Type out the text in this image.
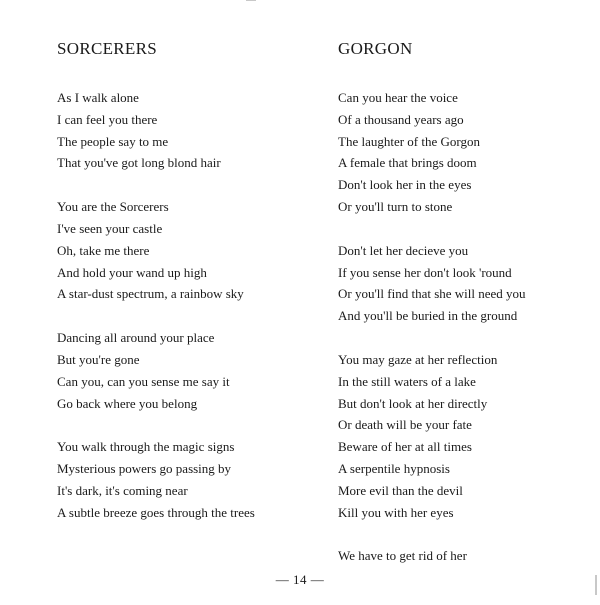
SORCERERS
As I walk alone
I can feel you there
The people say to me
That you've got long blond hair
You are the Sorcerers
I've seen your castle
Oh, take me there
And hold your wand up high
A star-dust spectrum, a rainbow sky
Dancing all around your place
But you're gone
Can you, can you sense me say it
Go back where you belong
You walk through the magic signs
Mysterious powers go passing by
It's dark, it's coming near
A subtle breeze goes through the trees
GORGON
Can you hear the voice
Of a thousand years ago
The laughter of the Gorgon
A female that brings doom
Don't look her in the eyes
Or you'll turn to stone
Don't let her decieve you
If you sense her don't look 'round
Or you'll find that she will need you
And you'll be buried in the ground
You may gaze at her reflection
In the still waters of a lake
But don't look at her directly
Or death will be your fate
Beware of her at all times
A serpentile hypnosis
More evil than the devil
Kill you with her eyes
We have to get rid of her
— 14 —
